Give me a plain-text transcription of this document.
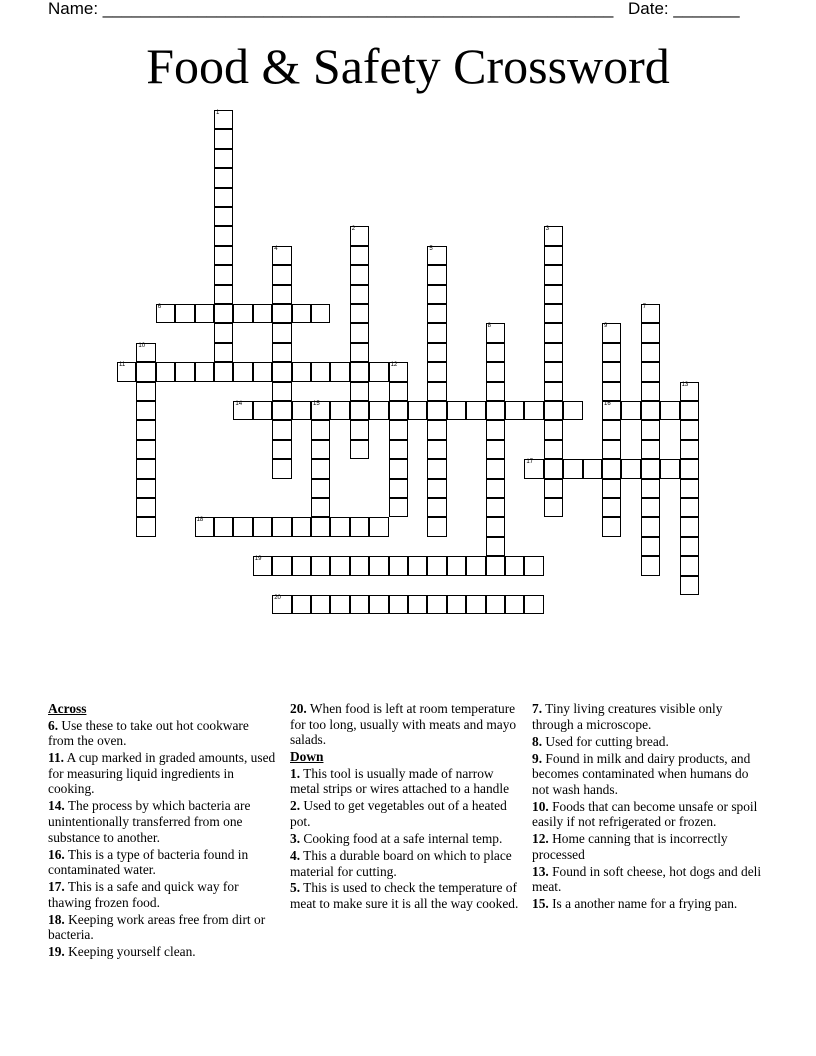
Name: ______________________________________________________ Date: _______
Food & Safety Crossword
1
2	3
4	5
6	7
8	9
16
10
11	12
13
14	15
17
18
19
20
Across
6. Use these to take out hot cookware from the oven.
11. A cup marked in graded amounts, used for measuring liquid ingredients in cooking.
14. The process by which bacteria are unintentionally transferred from one substance to another.
16. This is a type of bacteria found in contaminated water.
17. This is a safe and quick way for thawing frozen food.
18. Keeping work areas free from dirt or bacteria.
19. Keeping yourself clean.
20. When food is left at room temperature for too long, usually with meats and mayo salads.
Down
1. This tool is usually made of narrow metal strips or wires attached to a handle
2. Used to get vegetables out of a heated pot.
3. Cooking food at a safe internal temp.
4. This a durable board on which to place material for cutting.
5. This is used to check the temperature of meat to make sure it is all the way cooked.
7. Tiny living creatures visible only through a microscope.
8. Used for cutting bread.
9. Found in milk and dairy products, and becomes contaminated when humans do not wash hands.
10. Foods that can become unsafe or spoil easily if not refrigerated or frozen.
12. Home canning that is incorrectly processed
13. Found in soft cheese, hot dogs and deli meat.
15. Is a another name for a frying pan.
